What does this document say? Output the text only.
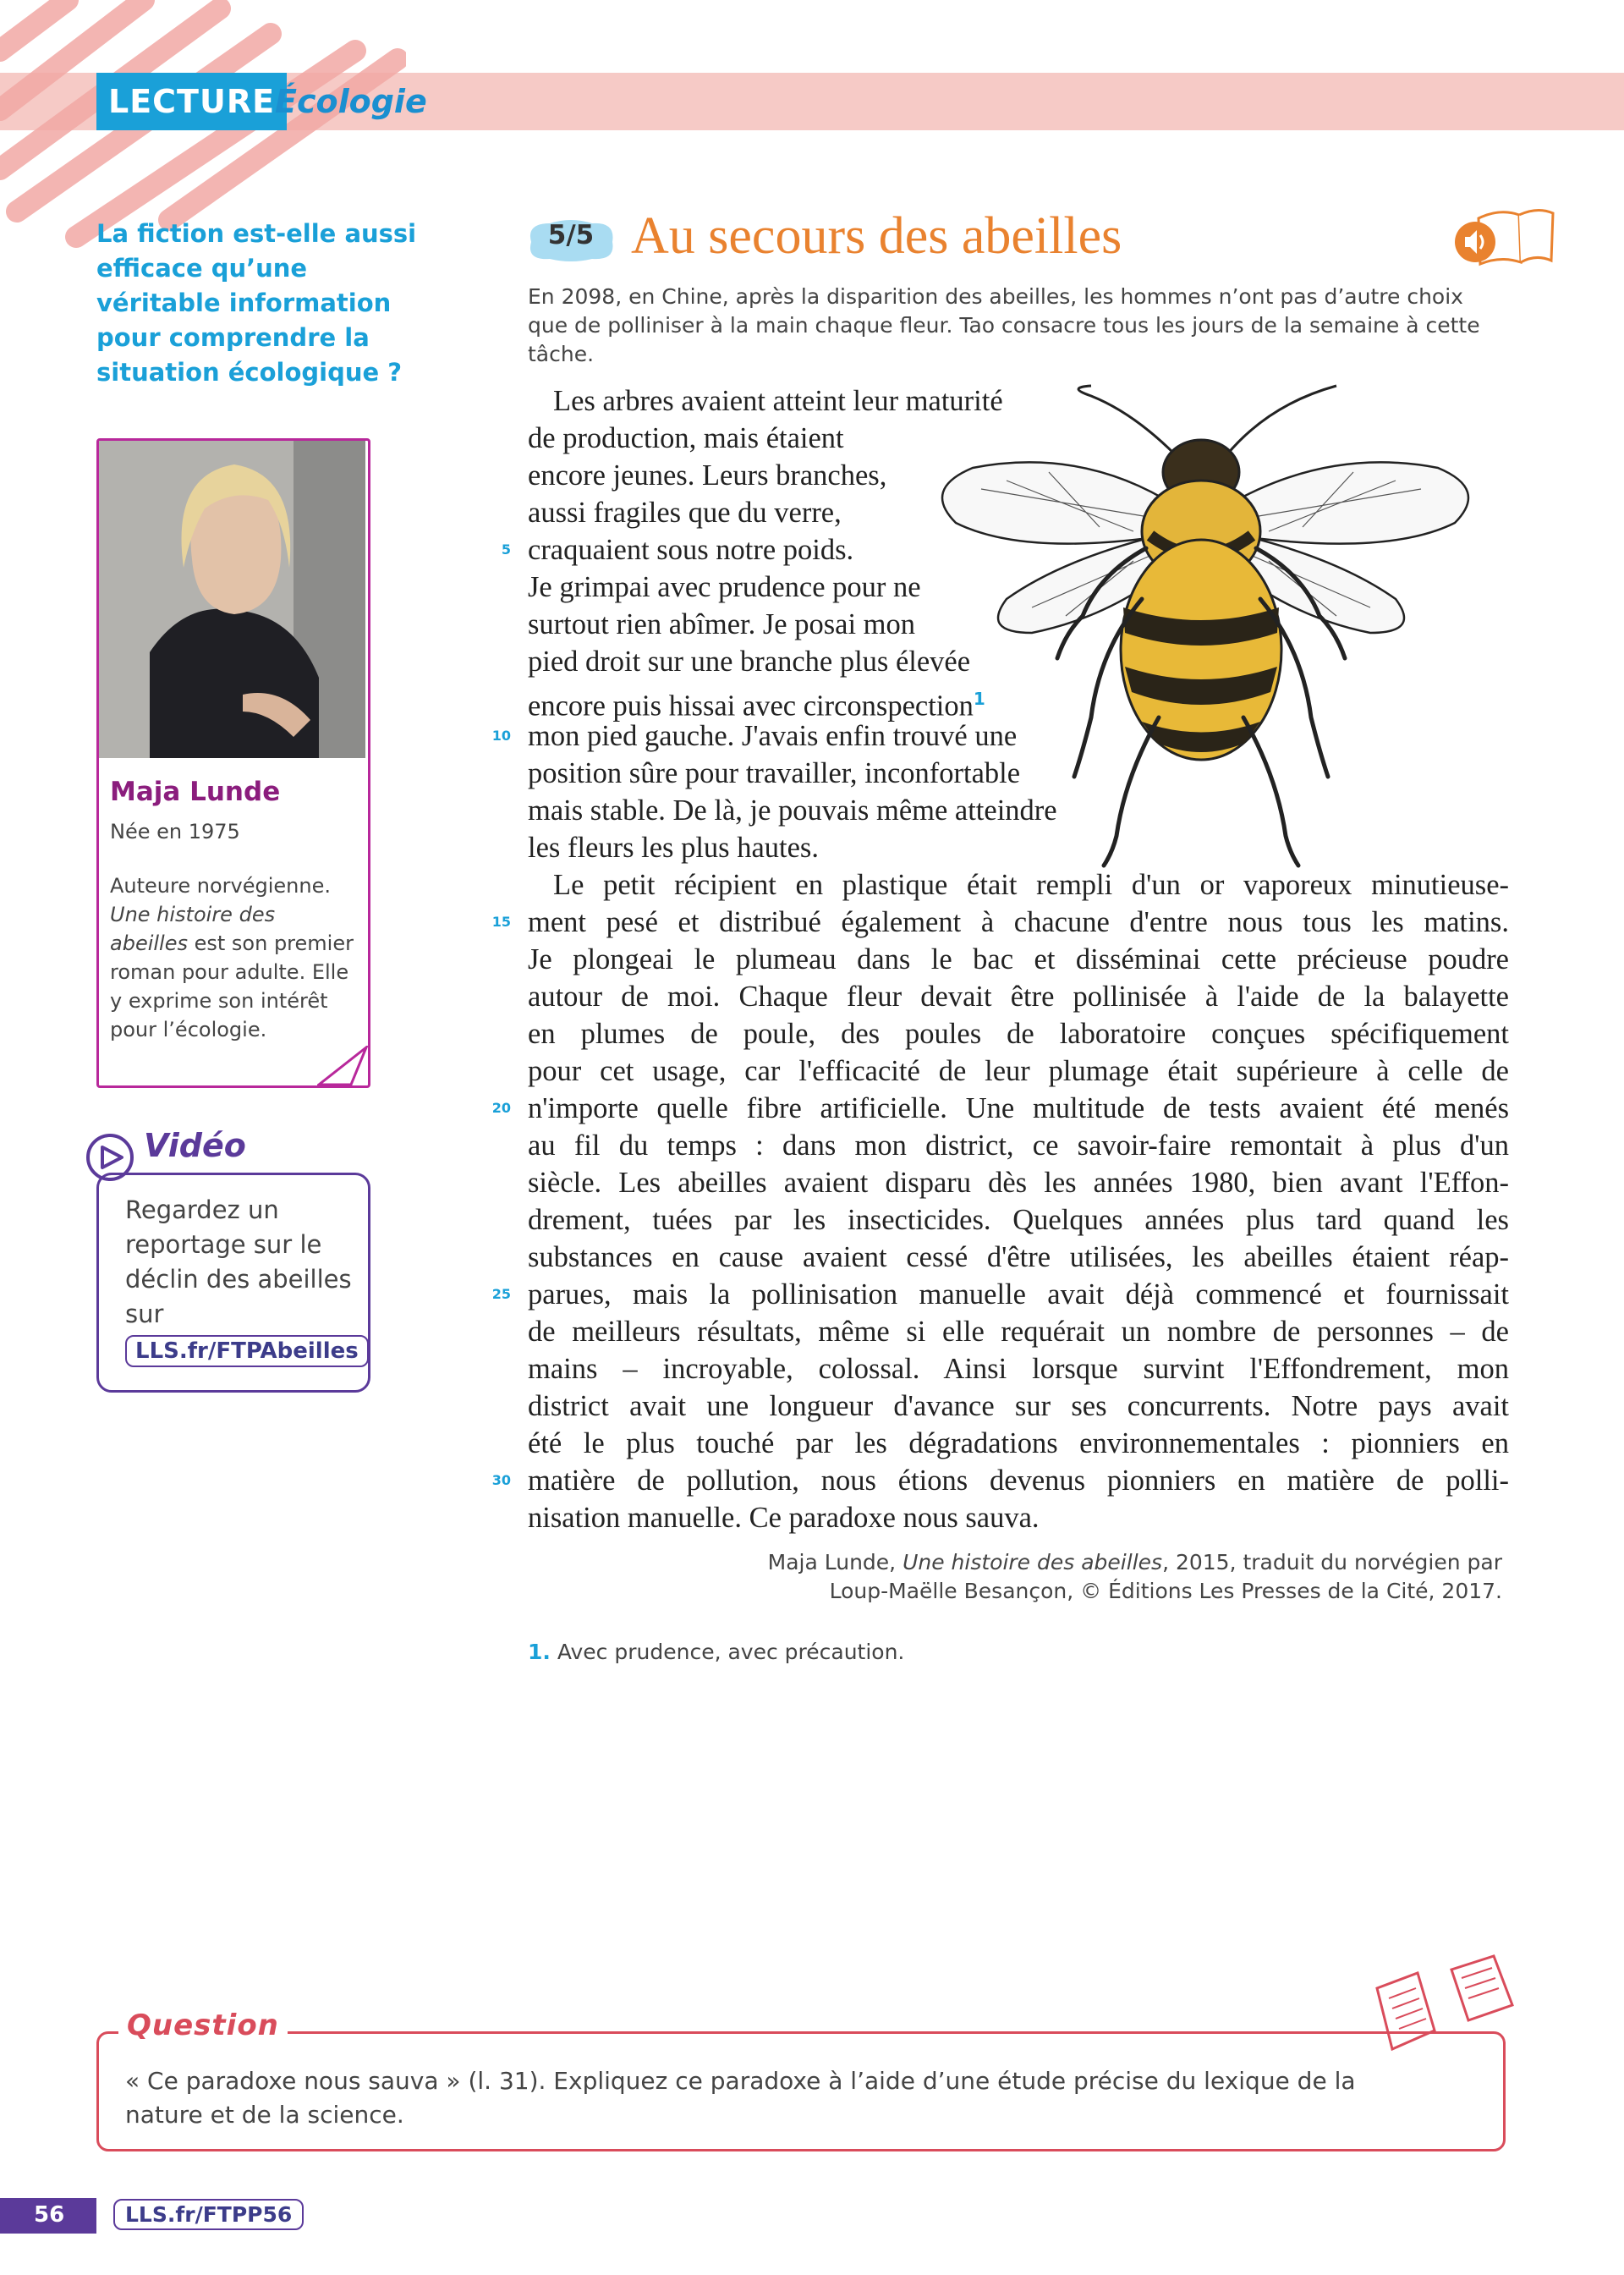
LECTURE Écologie
La fiction est-elle aussi efficace qu’une véritable information pour comprendre la situation écologique ?
Maja Lunde
Née en 1975
Auteure norvégienne. Une histoire des abeilles est son premier roman pour adulte. Elle y exprime son intérêt pour l’écologie.
Vidéo
Regardez un reportage sur le déclin des abeilles sur
LLS.fr/FTPAbeilles
5/5 Au secours des abeilles
En 2098, en Chine, après la disparition des abeilles, les hommes n’ont pas d’autre choix que de polliniser à la main chaque fleur. Tao consacre tous les jours de la semaine à cette tâche.
Les arbres avaient atteint leur maturité
de production, mais étaient
encore jeunes. Leurs branches,
aussi fragiles que du verre,
craquaient sous notre poids.
Je grimpai avec prudence pour ne
surtout rien abîmer. Je posai mon
pied droit sur une branche plus élevée
encore puis hissai avec circonspection$^1$
mon pied gauche. J'avais enfin trouvé une
position sûre pour travailler, inconfortable
mais stable. De là, je pouvais même atteindre
les fleurs les plus hautes.
Le petit récipient en plastique était rempli d'un or vaporeux minutieuse-
ment pesé et distribué également à chacune d'entre nous tous les matins.
Je plongeai le plumeau dans le bac et disséminai cette précieuse poudre
autour de moi. Chaque fleur devait être pollinisée à l'aide de la balayette
en plumes de poule, des poules de laboratoire conçues spécifiquement
pour cet usage, car l'efficacité de leur plumage était supérieure à celle de
n'importe quelle fibre artificielle. Une multitude de tests avaient été menés
au fil du temps : dans mon district, ce savoir-faire remontait à plus d'un
siècle. Les abeilles avaient disparu dès les années 1980, bien avant l'Effon-
drement, tuées par les insecticides. Quelques années plus tard quand les
substances en cause avaient cessé d'être utilisées, les abeilles étaient réap-
parues, mais la pollinisation manuelle avait déjà commencé et fournissait
de meilleurs résultats, même si elle requérait un nombre de personnes – de
mains – incroyable, colossal. Ainsi lorsque survint l'Effondrement, mon
district avait une longueur d'avance sur ses concurrents. Notre pays avait
été le plus touché par les dégradations environnementales : pionniers en
matière de pollution, nous étions devenus pionniers en matière de polli-
nisation manuelle. Ce paradoxe nous sauva.
5
10
15
20
25
30
Maja Lunde, Une histoire des abeilles, 2015, traduit du norvégien par
Loup-Maëlle Besançon, © Éditions Les Presses de la Cité, 2017.
1. Avec prudence, avec précaution.
Question
« Ce paradoxe nous sauva » (l. 31). Expliquez ce paradoxe à l’aide d’une étude précise du lexique de la nature et de la science.
56	LLS.fr/FTPP56
